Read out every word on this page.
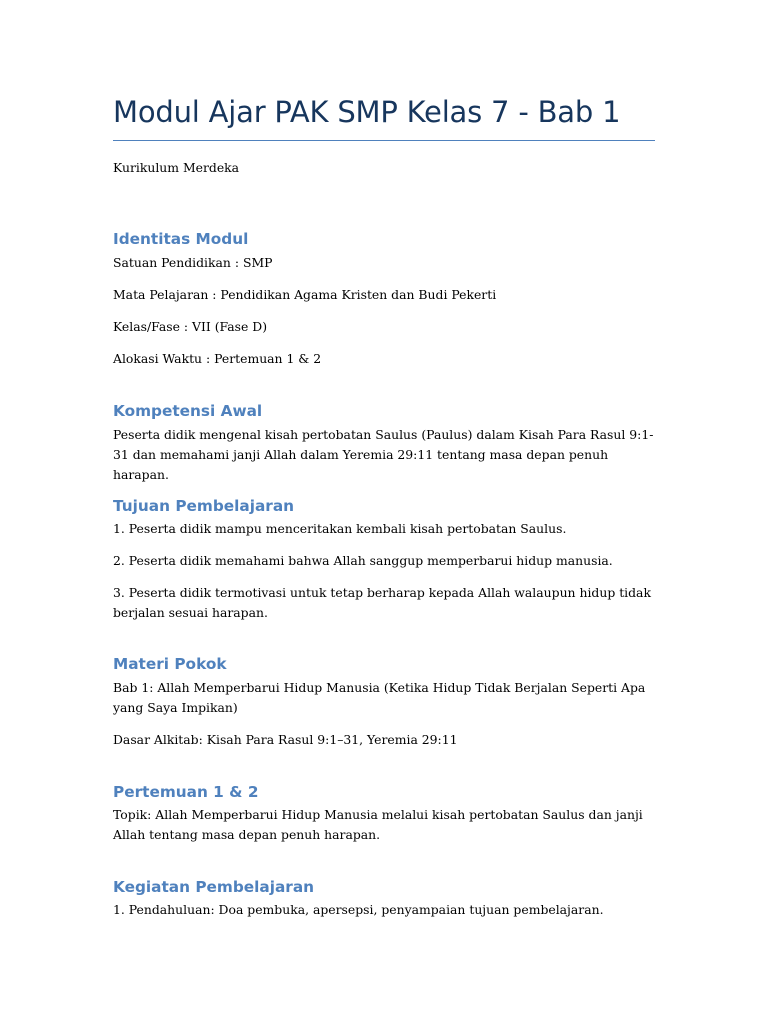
Modul Ajar PAK SMP Kelas 7 - Bab 1

Kurikulum Merdeka

Identitas Modul

Satuan Pendidikan : SMP

Mata Pelajaran : Pendidikan Agama Kristen dan Budi Pekerti

Kelas/Fase : VII (Fase D)

Alokasi Waktu : Pertemuan 1 & 2

Kompetensi Awal

Peserta didik mengenal kisah pertobatan Saulus (Paulus) dalam Kisah Para Rasul 9:1-31 dan memahami janji Allah dalam Yeremia 29:11 tentang masa depan penuh harapan.

Tujuan Pembelajaran

1. Peserta didik mampu menceritakan kembali kisah pertobatan Saulus.

2. Peserta didik memahami bahwa Allah sanggup memperbarui hidup manusia.

3. Peserta didik termotivasi untuk tetap berharap kepada Allah walaupun hidup tidak berjalan sesuai harapan.

Materi Pokok

Bab 1: Allah Memperbarui Hidup Manusia (Ketika Hidup Tidak Berjalan Seperti Apa yang Saya Impikan)

Dasar Alkitab: Kisah Para Rasul 9:1–31, Yeremia 29:11

Pertemuan 1 & 2

Topik: Allah Memperbarui Hidup Manusia melalui kisah pertobatan Saulus dan janji Allah tentang masa depan penuh harapan.

Kegiatan Pembelajaran

1. Pendahuluan: Doa pembuka, apersepsi, penyampaian tujuan pembelajaran.
